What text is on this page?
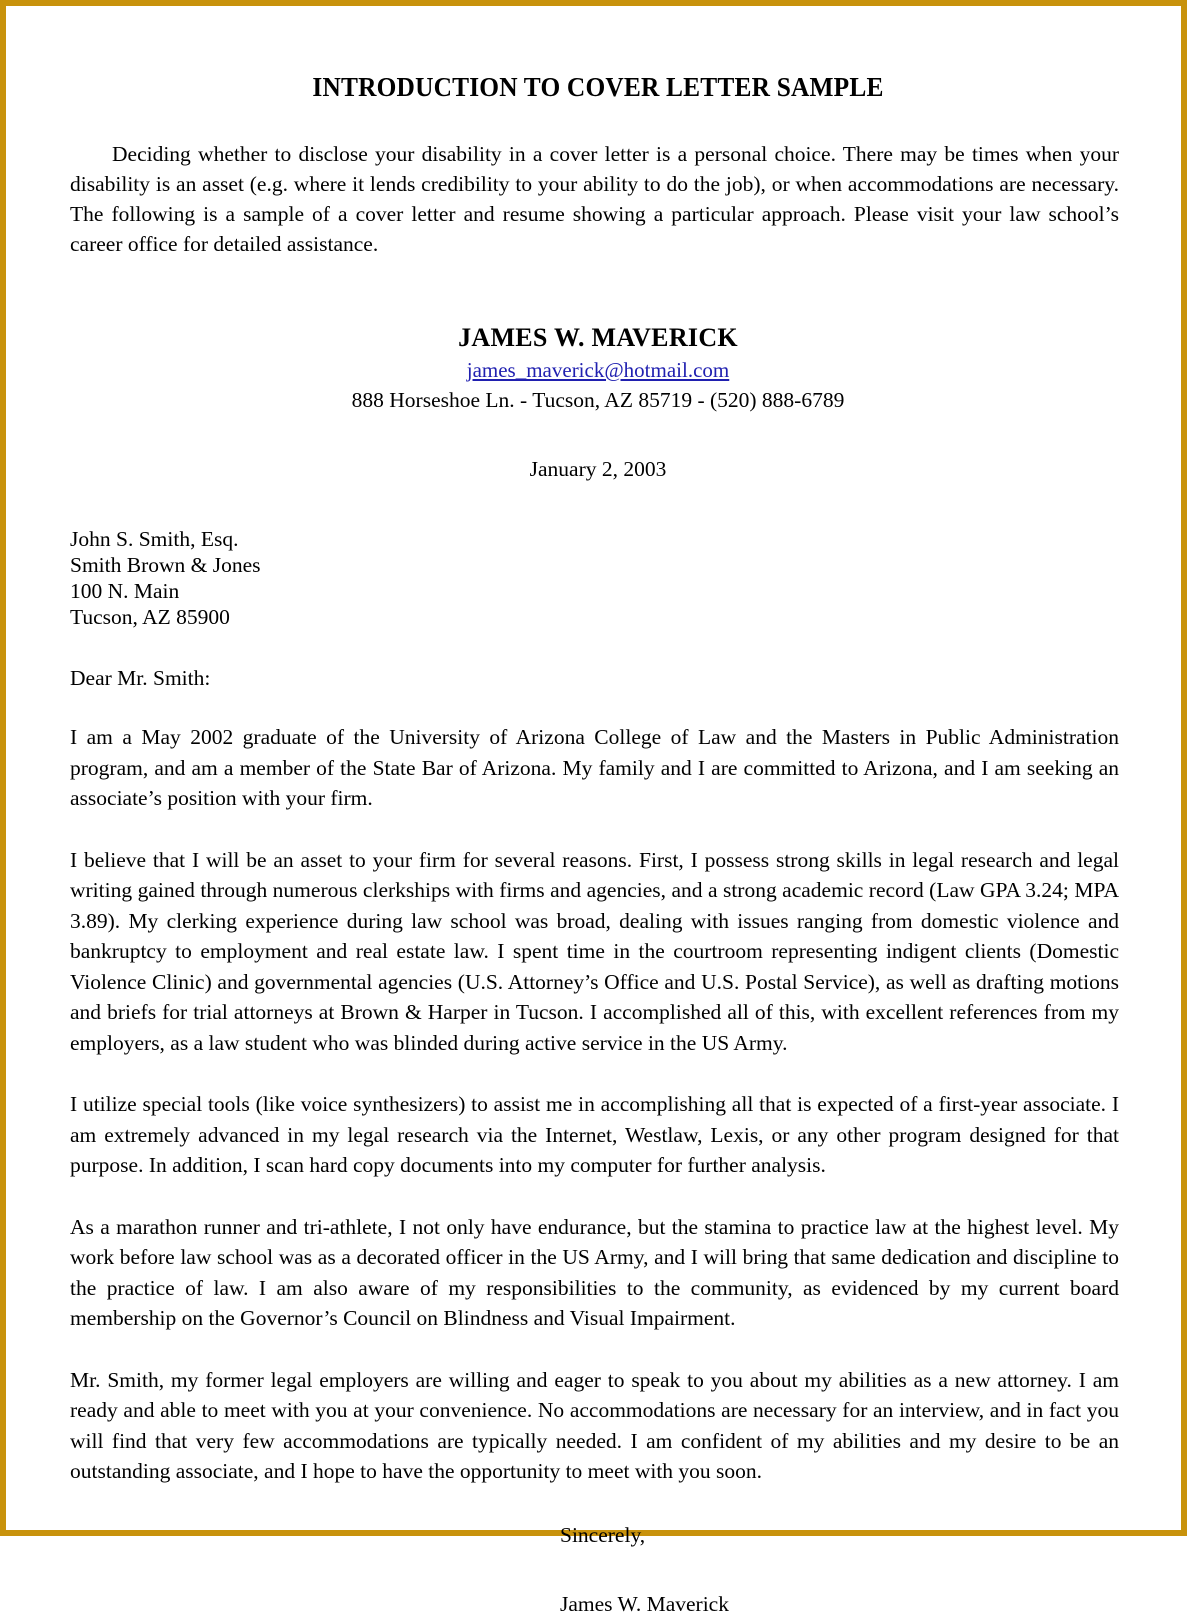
INTRODUCTION TO COVER LETTER SAMPLE

Deciding whether to disclose your disability in a cover letter is a personal choice. There may be times when your disability is an asset (e.g. where it lends credibility to your ability to do the job), or when accommodations are necessary. The following is a sample of a cover letter and resume showing a particular approach. Please visit your law school’s career office for detailed assistance.

JAMES W. MAVERICK
james_maverick@hotmail.com
888 Horseshoe Ln. - Tucson, AZ 85719 - (520) 888-6789
January 2, 2003
John S. Smith, Esq.
Smith Brown & Jones
100 N. Main
Tucson, AZ 85900
Dear Mr. Smith:

I am a May 2002 graduate of the University of Arizona College of Law and the Masters in Public Administration program, and am a member of the State Bar of Arizona. My family and I are committed to Arizona, and I am seeking an associate’s position with your firm.

I believe that I will be an asset to your firm for several reasons. First, I possess strong skills in legal research and legal writing gained through numerous clerkships with firms and agencies, and a strong academic record (Law GPA 3.24; MPA 3.89). My clerking experience during law school was broad, dealing with issues ranging from domestic violence and bankruptcy to employment and real estate law. I spent time in the courtroom representing indigent clients (Domestic Violence Clinic) and governmental agencies (U.S. Attorney’s Office and U.S. Postal Service), as well as drafting motions and briefs for trial attorneys at Brown & Harper in Tucson. I accomplished all of this, with excellent references from my employers, as a law student who was blinded during active service in the US Army.

I utilize special tools (like voice synthesizers) to assist me in accomplishing all that is expected of a first-year associate. I am extremely advanced in my legal research via the Internet, Westlaw, Lexis, or any other program designed for that purpose. In addition, I scan hard copy documents into my computer for further analysis.

As a marathon runner and tri-athlete, I not only have endurance, but the stamina to practice law at the highest level. My work before law school was as a decorated officer in the US Army, and I will bring that same dedication and discipline to the practice of law. I am also aware of my responsibilities to the community, as evidenced by my current board membership on the Governor’s Council on Blindness and Visual Impairment.

Mr. Smith, my former legal employers are willing and eager to speak to you about my abilities as a new attorney. I am ready and able to meet with you at your convenience. No accommodations are necessary for an interview, and in fact you will find that very few accommodations are typically needed. I am confident of my abilities and my desire to be an outstanding associate, and I hope to have the opportunity to meet with you soon.

Sincerely,
James W. Maverick
